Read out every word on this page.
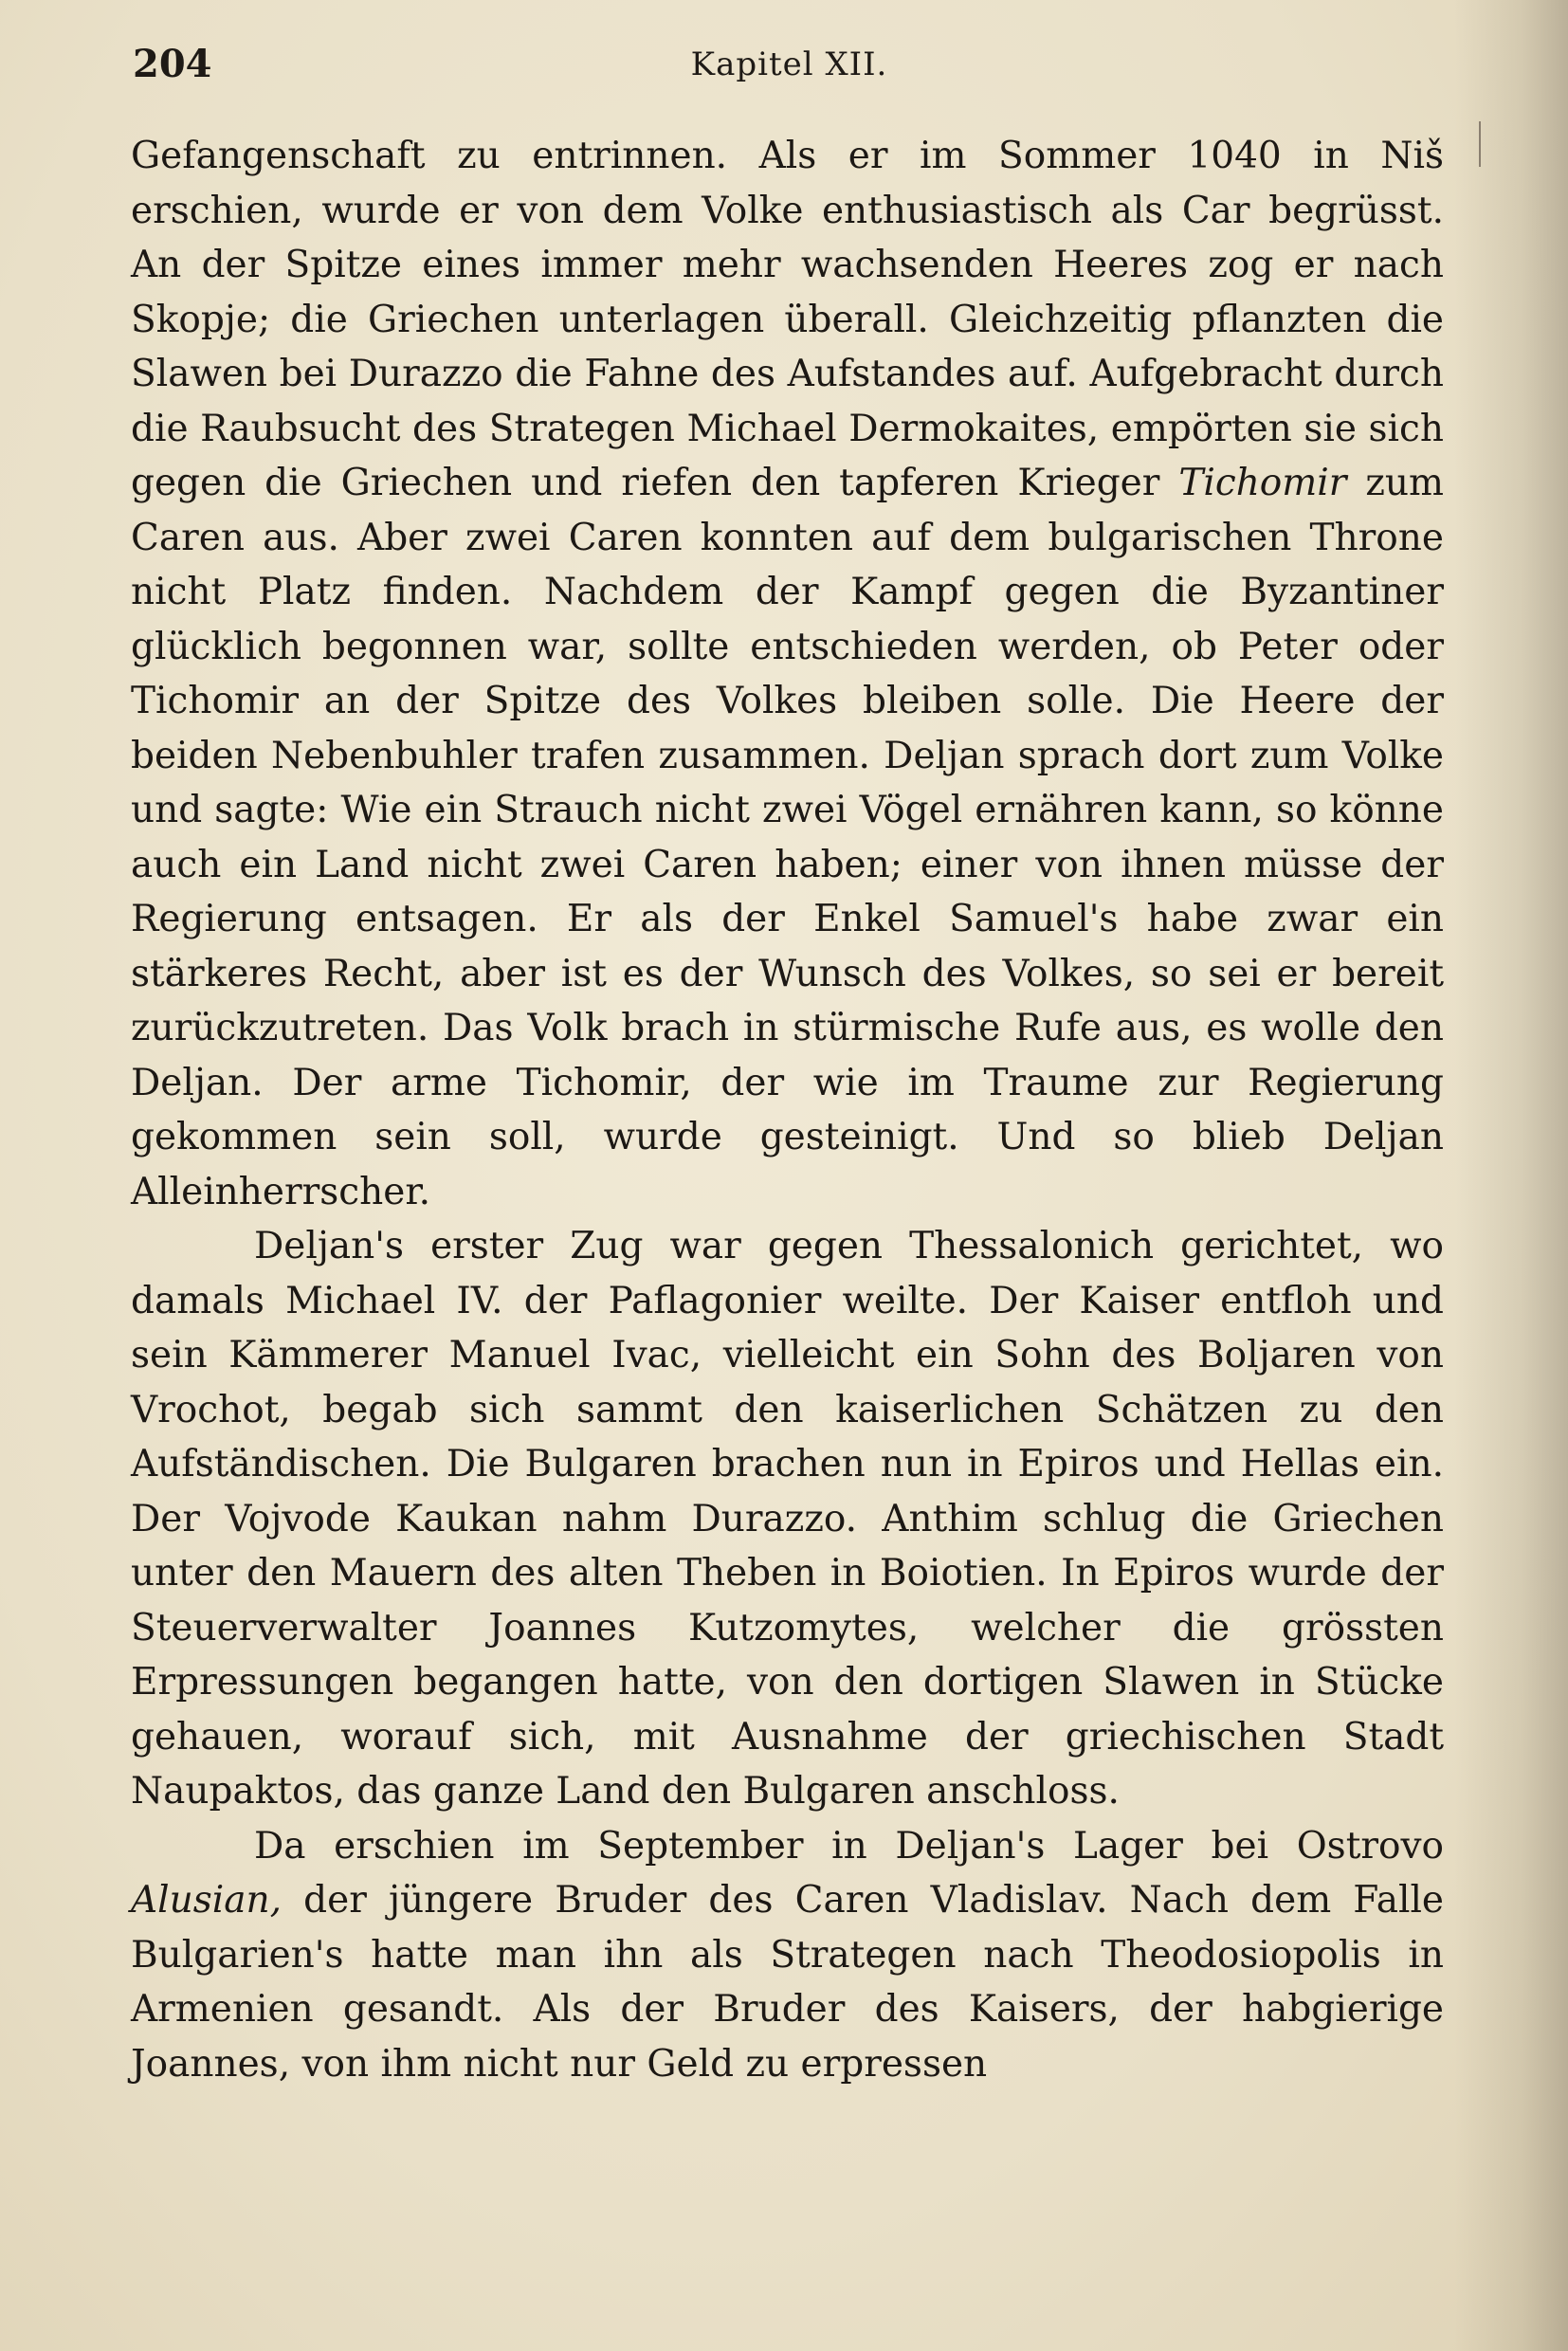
204	Kapitel XII.

Gefangenschaft zu entrinnen. Als er im Sommer 1040 in Niš erschien, wurde er von dem Volke enthusiastisch als Car begrüsst. An der Spitze eines immer mehr wachsenden Heeres zog er nach Skopje; die Griechen unterlagen überall. Gleichzeitig pflanzten die Slawen bei Durazzo die Fahne des Aufstandes auf. Aufgebracht durch die Raubsucht des Strategen Michael Dermokaites, empörten sie sich gegen die Griechen und riefen den tapferen Krieger Tichomir zum Caren aus. Aber zwei Caren konnten auf dem bulgarischen Throne nicht Platz finden. Nachdem der Kampf gegen die Byzantiner glücklich begonnen war, sollte entschieden werden, ob Peter oder Tichomir an der Spitze des Volkes bleiben solle. Die Heere der beiden Nebenbuhler trafen zusammen. Deljan sprach dort zum Volke und sagte: Wie ein Strauch nicht zwei Vögel ernähren kann, so könne auch ein Land nicht zwei Caren haben; einer von ihnen müsse der Regierung entsagen. Er als der Enkel Samuel's habe zwar ein stärkeres Recht, aber ist es der Wunsch des Volkes, so sei er bereit zurückzutreten. Das Volk brach in stürmische Rufe aus, es wolle den Deljan. Der arme Tichomir, der wie im Traume zur Regierung gekommen sein soll, wurde gesteinigt. Und so blieb Deljan Alleinherrscher.

Deljan's erster Zug war gegen Thessalonich gerichtet, wo damals Michael IV. der Paflagonier weilte. Der Kaiser entfloh und sein Kämmerer Manuel Ivac, vielleicht ein Sohn des Boljaren von Vrochot, begab sich sammt den kaiserlichen Schätzen zu den Aufständischen. Die Bulgaren brachen nun in Epiros und Hellas ein. Der Vojvode Kaukan nahm Durazzo. Anthim schlug die Griechen unter den Mauern des alten Theben in Boiotien. In Epiros wurde der Steuerverwalter Joannes Kutzomytes, welcher die grössten Erpressungen begangen hatte, von den dortigen Slawen in Stücke gehauen, worauf sich, mit Ausnahme der griechischen Stadt Naupaktos, das ganze Land den Bulgaren anschloss.

Da erschien im September in Deljan's Lager bei Ostrovo Alusian, der jüngere Bruder des Caren Vladislav. Nach dem Falle Bulgarien's hatte man ihn als Strategen nach Theodosiopolis in Armenien gesandt. Als der Bruder des Kaisers, der habgierige Joannes, von ihm nicht nur Geld zu erpressen
